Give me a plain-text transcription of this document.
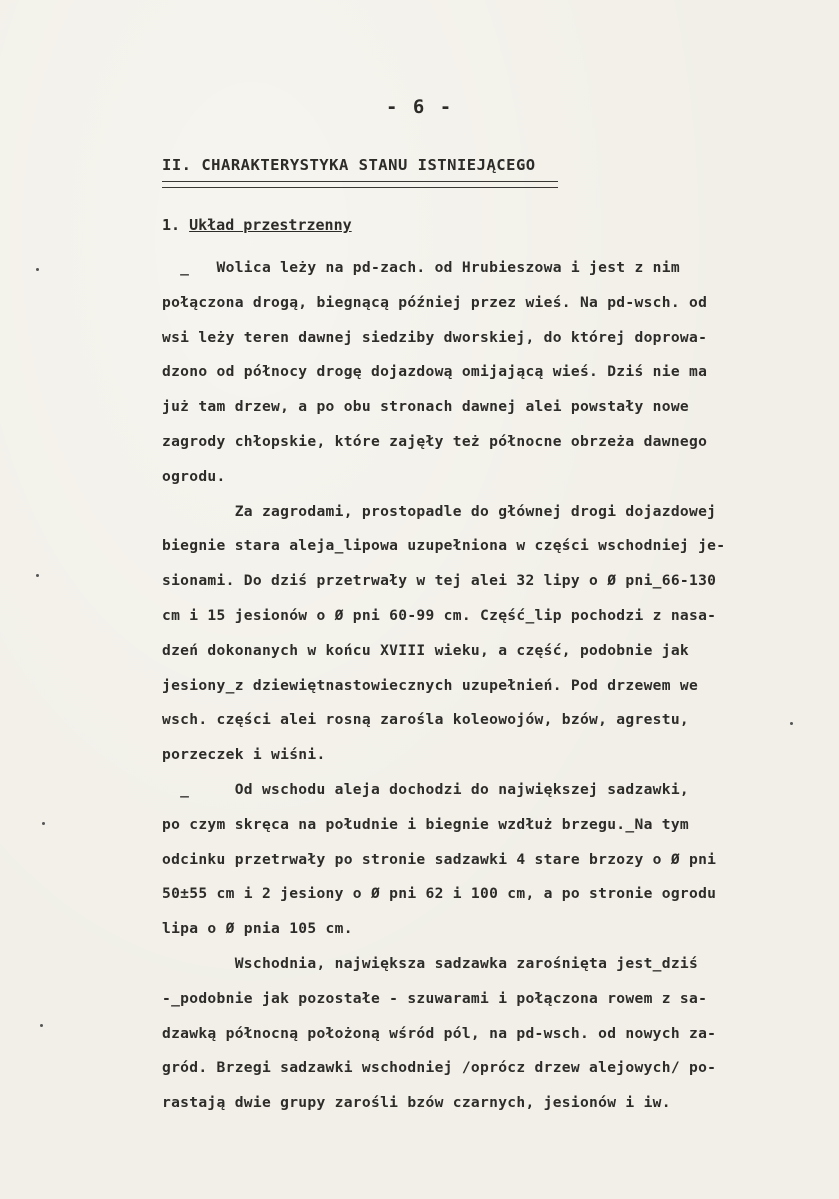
- 6 -
II. CHARAKTERYSTYKA STANU ISTNIEJĄCEGO
1. Układ przestrzenny
_   Wolica leży na pd-zach. od Hrubieszowa i jest z nim
połączona drogą, biegnącą później przez wieś. Na pd-wsch. od
wsi leży teren dawnej siedziby dworskiej, do której doprowa-
dzono od północy drogę dojazdową omijającą wieś. Dziś nie ma
już tam drzew, a po obu stronach dawnej alei powstały nowe
zagrody chłopskie, które zajęły też północne obrzeża dawnego
ogrodu.
Za zagrodami, prostopadle do głównej drogi dojazdowej
biegnie stara aleja_lipowa uzupełniona w części wschodniej je-
sionami. Do dziś przetrwały w tej alei 32 lipy o Ø pni_66-130
cm i 15 jesionów o Ø pni 60-99 cm. Część_lip pochodzi z nasa-
dzeń dokonanych w końcu XVIII wieku, a część, podobnie jak
jesiony_z dziewiętnastowiecznych uzupełnień. Pod drzewem we
wsch. części alei rosną zarośla koleowojów, bzów, agrestu,
porzeczek i wiśni.
_     Od wschodu aleja dochodzi do największej sadzawki,
po czym skręca na południe i biegnie wzdłuż brzegu._Na tym
odcinku przetrwały po stronie sadzawki 4 stare brzozy o Ø pni
50±55 cm i 2 jesiony o Ø pni 62 i 100 cm, a po stronie ogrodu
lipa o Ø pnia 105 cm.
Wschodnia, największa sadzawka zarośnięta jest_dziś
-_podobnie jak pozostałe - szuwarami i połączona rowem z sa-
dzawką północną położoną wśród pól, na pd-wsch. od nowych za-
gród. Brzegi sadzawki wschodniej /oprócz drzew alejowych/ po-
rastają dwie grupy zarośli bzów czarnych, jesionów i iw.
